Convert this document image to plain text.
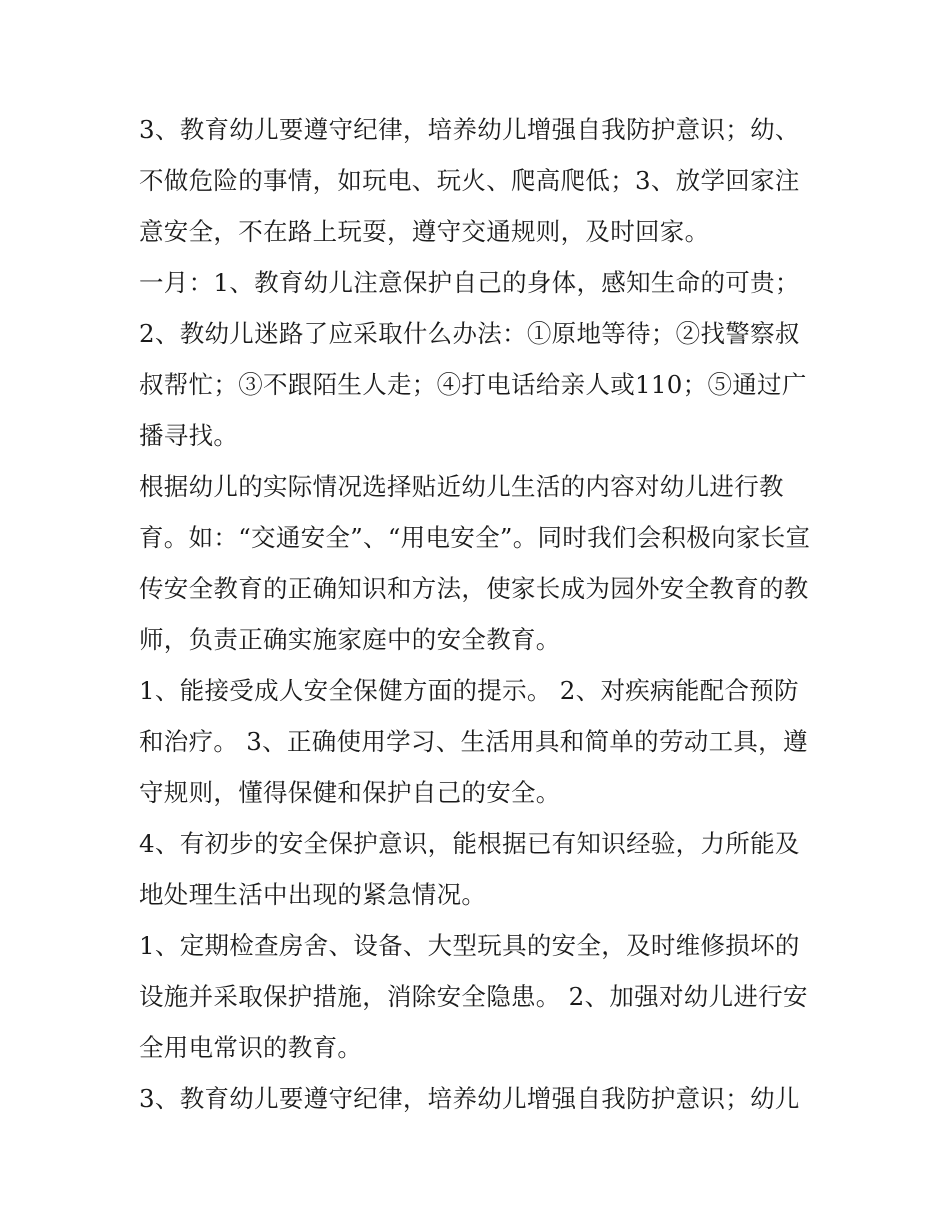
3、教育幼儿要遵守纪律，培养幼儿增强自我防护意识；幼、不做危险的事情，如玩电、玩火、爬高爬低；3、放学回家注意安全，不在路上玩耍，遵守交通规则，及时回家。

一月：1、教育幼儿注意保护自己的身体，感知生命的可贵；

2、教幼儿迷路了应采取什么办法：①原地等待；②找警察叔叔帮忙；③不跟陌生人走；④打电话给亲人或110；⑤通过广播寻找。

根据幼儿的实际情况选择贴近幼儿生活的内容对幼儿进行教育。如：“交通安全”、“用电安全”。同时我们会积极向家长宣传安全教育的正确知识和方法，使家长成为园外安全教育的教师，负责正确实施家庭中的安全教育。

1、能接受成人安全保健方面的提示。 2、对疾病能配合预防和治疗。 3、正确使用学习、生活用具和简单的劳动工具，遵守规则，懂得保健和保护自己的安全。

4、有初步的安全保护意识，能根据已有知识经验，力所能及地处理生活中出现的紧急情况。

1、定期检查房舍、设备、大型玩具的安全，及时维修损坏的设施并采取保护措施，消除安全隐患。 2、加强对幼儿进行安全用电常识的教育。

3、教育幼儿要遵守纪律，培养幼儿增强自我防护意识；幼儿
